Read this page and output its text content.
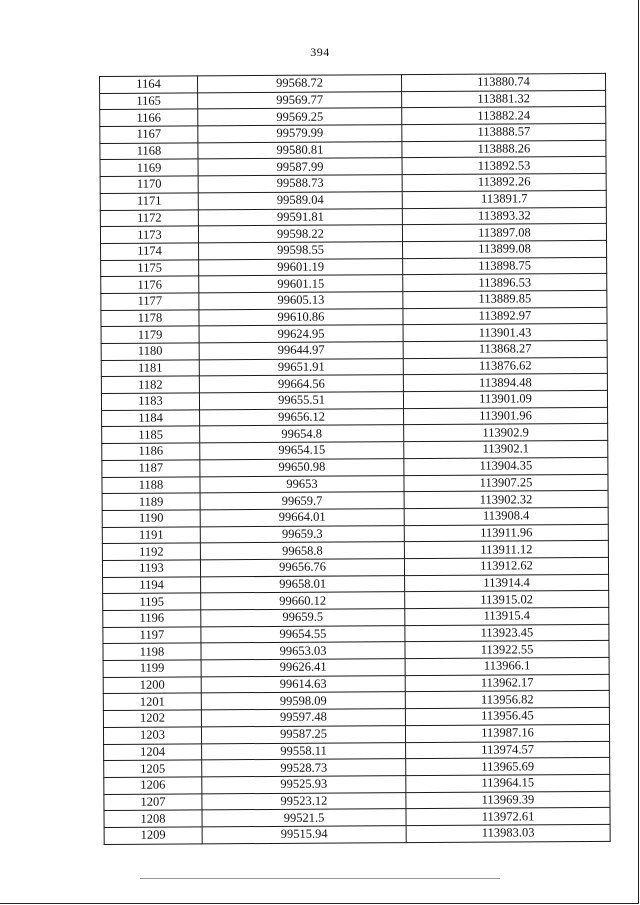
394
1164	99568.72	113880.74
1165	99569.77	113881.32
1166	99569.25	113882.24
1167	99579.99	113888.57
1168	99580.81	113888.26
1169	99587.99	113892.53
1170	99588.73	113892.26
1171	99589.04	113891.7
1172	99591.81	113893.32
1173	99598.22	113897.08
1174	99598.55	113899.08
1175	99601.19	113898.75
1176	99601.15	113896.53
1177	99605.13	113889.85
1178	99610.86	113892.97
1179	99624.95	113901.43
1180	99644.97	113868.27
1181	99651.91	113876.62
1182	99664.56	113894.48
1183	99655.51	113901.09
1184	99656.12	113901.96
1185	99654.8	113902.9
1186	99654.15	113902.1
1187	99650.98	113904.35
1188	99653	113907.25
1189	99659.7	113902.32
1190	99664.01	113908.4
1191	99659.3	113911.96
1192	99658.8	113911.12
1193	99656.76	113912.62
1194	99658.01	113914.4
1195	99660.12	113915.02
1196	99659.5	113915.4
1197	99654.55	113923.45
1198	99653.03	113922.55
1199	99626.41	113966.1
1200	99614.63	113962.17
1201	99598.09	113956.82
1202	99597.48	113956.45
1203	99587.25	113987.16
1204	99558.11	113974.57
1205	99528.73	113965.69
1206	99525.93	113964.15
1207	99523.12	113969.39
1208	99521.5	113972.61
1209	99515.94	113983.03
